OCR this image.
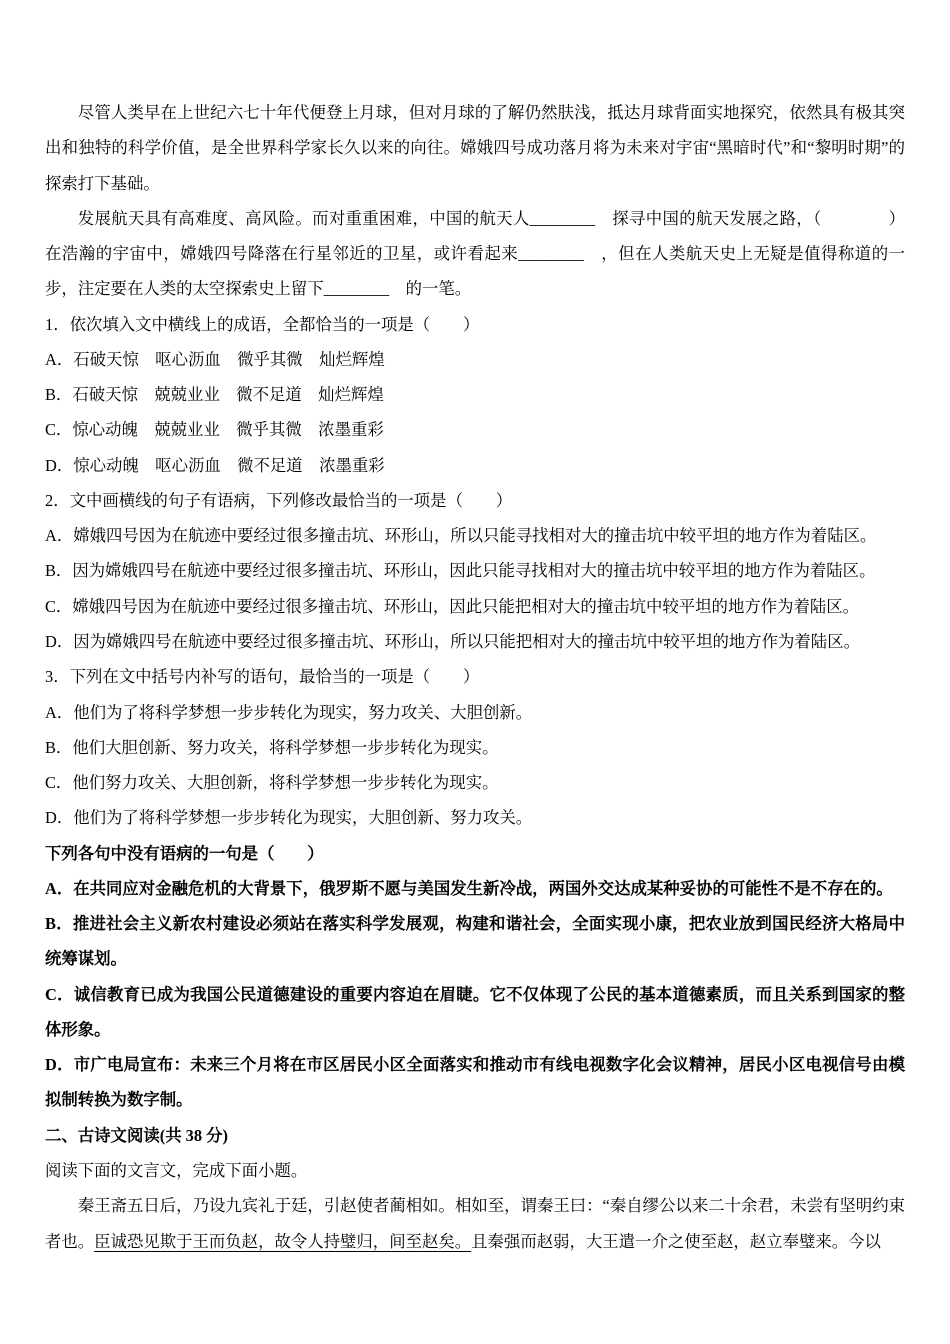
尽管人类早在上世纪六七十年代便登上月球，但对月球的了解仍然肤浅，抵达月球背面实地探究，依然具有极其突出和独特的科学价值，是全世界科学家长久以来的向往。嫦娥四号成功落月将为未来对宇宙“黑暗时代”和“黎明时期”的探索打下基础。

发展航天具有高难度、高风险。而对重重困难，中国的航天人________　探寻中国的航天发展之路，（　　　　）在浩瀚的宇宙中，嫦娥四号降落在行星邻近的卫星，或许看起来________　，但在人类航天史上无疑是值得称道的一步，注定要在人类的太空探索史上留下________　的一笔。

1．依次填入文中横线上的成语，全都恰当的一项是（　　）

A．石破天惊　呕心沥血　微乎其微　灿烂辉煌

B．石破天惊　兢兢业业　微不足道　灿烂辉煌

C．惊心动魄　兢兢业业　微乎其微　浓墨重彩

D．惊心动魄　呕心沥血　微不足道　浓墨重彩

2．文中画横线的句子有语病，下列修改最恰当的一项是（　　）

A．嫦娥四号因为在航迹中要经过很多撞击坑、环形山，所以只能寻找相对大的撞击坑中较平坦的地方作为着陆区。

B．因为嫦娥四号在航迹中要经过很多撞击坑、环形山，因此只能寻找相对大的撞击坑中较平坦的地方作为着陆区。

C．嫦娥四号因为在航迹中要经过很多撞击坑、环形山，因此只能把相对大的撞击坑中较平坦的地方作为着陆区。

D．因为嫦娥四号在航迹中要经过很多撞击坑、环形山，所以只能把相对大的撞击坑中较平坦的地方作为着陆区。

3．下列在文中括号内补写的语句，最恰当的一项是（　　）

A．他们为了将科学梦想一步步转化为现实，努力攻关、大胆创新。

B．他们大胆创新、努力攻关，将科学梦想一步步转化为现实。

C．他们努力攻关、大胆创新，将科学梦想一步步转化为现实。

D．他们为了将科学梦想一步步转化为现实，大胆创新、努力攻关。

下列各句中没有语病的一句是（　　）

A．在共同应对金融危机的大背景下，俄罗斯不愿与美国发生新冷战，两国外交达成某种妥协的可能性不是不存在的。

B．推进社会主义新农村建设必须站在落实科学发展观，构建和谐社会，全面实现小康，把农业放到国民经济大格局中统筹谋划。

C．诚信教育已成为我国公民道德建设的重要内容迫在眉睫。它不仅体现了公民的基本道德素质，而且关系到国家的整体形象。

D．市广电局宣布：未来三个月将在市区居民小区全面落实和推动市有线电视数字化会议精神，居民小区电视信号由模拟制转换为数字制。

二、古诗文阅读(共 38 分)

阅读下面的文言文，完成下面小题。

秦王斋五日后，乃设九宾礼于廷，引赵使者蔺相如。相如至，谓秦王曰：“秦自缪公以来二十余君，未尝有坚明约束者也。臣诚恐见欺于王而负赵，故令人持璧归，间至赵矣。且秦强而赵弱，大王遣一介之使至赵，赵立奉璧来。今以
